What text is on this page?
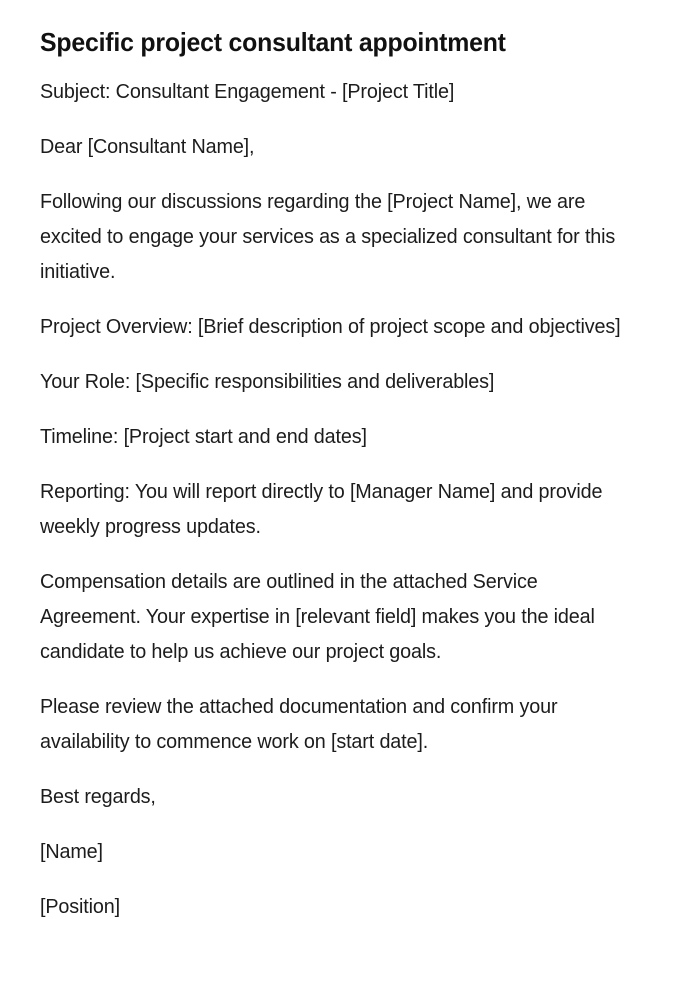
Specific project consultant appointment

Subject: Consultant Engagement - [Project Title]

Dear [Consultant Name],

Following our discussions regarding the [Project Name], we are excited to engage your services as a specialized consultant for this initiative.

Project Overview: [Brief description of project scope and objectives]

Your Role: [Specific responsibilities and deliverables]

Timeline: [Project start and end dates]

Reporting: You will report directly to [Manager Name] and provide weekly progress updates.

Compensation details are outlined in the attached Service Agreement. Your expertise in [relevant field] makes you the ideal candidate to help us achieve our project goals.

Please review the attached documentation and confirm your availability to commence work on [start date].

Best regards,

[Name]

[Position]
